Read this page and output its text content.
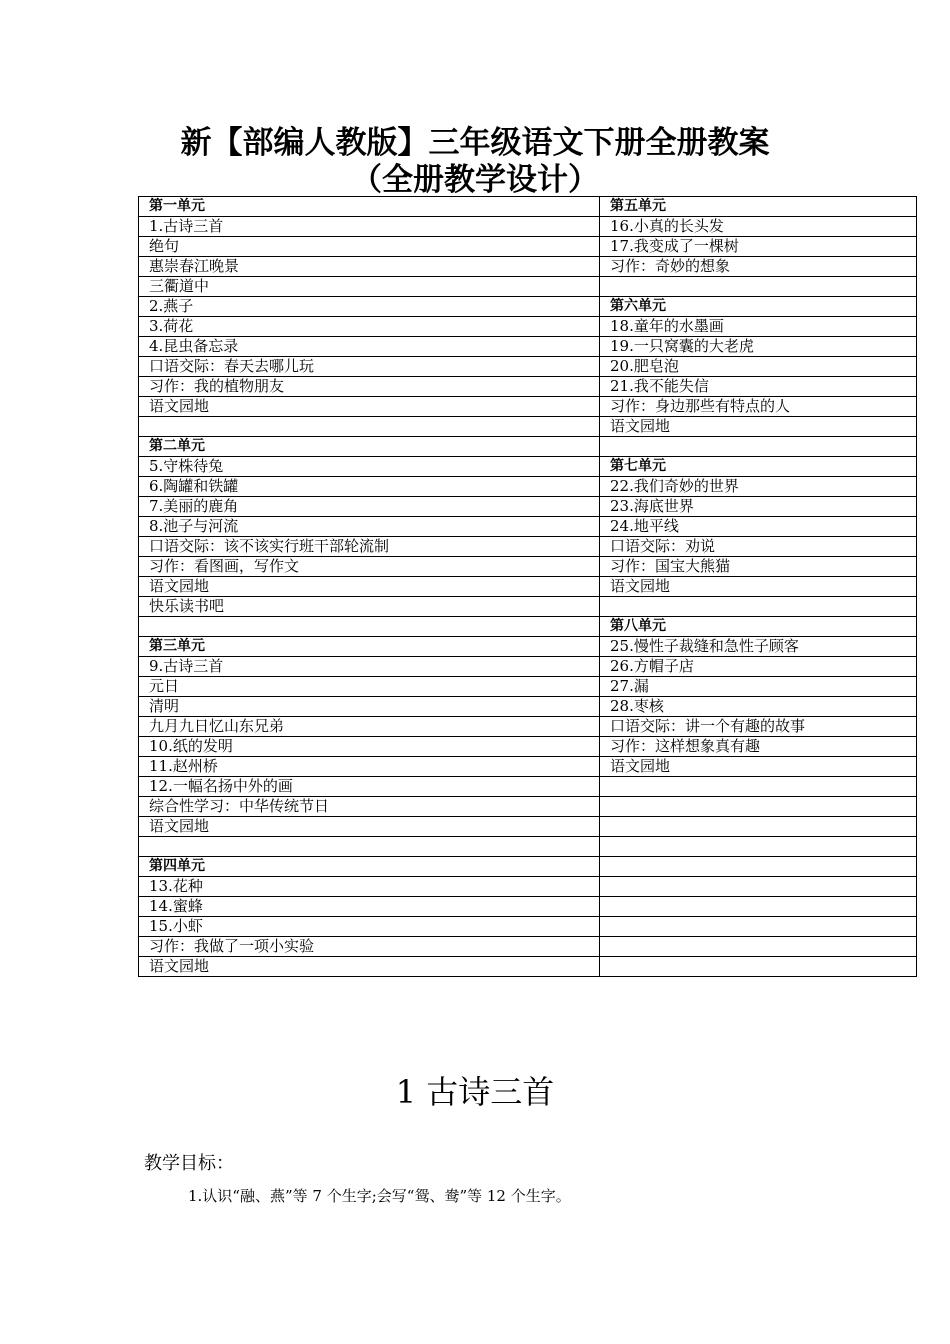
新【部编人教版】三年级语文下册全册教案
（全册教学设计）
第一单元	第五单元
1.古诗三首	16.小真的长头发
绝句	17.我变成了一棵树
惠崇春江晚景	习作：奇妙的想象
三衢道中	
2.燕子	第六单元
3.荷花	18.童年的水墨画
4.昆虫备忘录	19.一只窝囊的大老虎
口语交际：春天去哪儿玩	20.肥皂泡
习作：我的植物朋友	21.我不能失信
语文园地	习作：身边那些有特点的人
	语文园地
第二单元	
5.守株待兔	第七单元
6.陶罐和铁罐	22.我们奇妙的世界
7.美丽的鹿角	23.海底世界
8.池子与河流	24.地平线
口语交际：该不该实行班干部轮流制	口语交际：劝说
习作：看图画，写作文	习作：国宝大熊猫
语文园地	语文园地
快乐读书吧	
	第八单元
第三单元	25.慢性子裁缝和急性子顾客
9.古诗三首	26.方帽子店
元日	27.漏
清明	28.枣核
九月九日忆山东兄弟	口语交际：讲一个有趣的故事
10.纸的发明	习作：这样想象真有趣
11.赵州桥	语文园地
12.一幅名扬中外的画	
综合性学习：中华传统节日	
语文园地	

第四单元	
13.花种	
14.蜜蜂	
15.小虾	
习作：我做了一项小实验	
语文园地	
1 古诗三首
教学目标：
1.认识“融、燕”等 7 个生字;会写“鸳、鸯”等 12 个生字。
